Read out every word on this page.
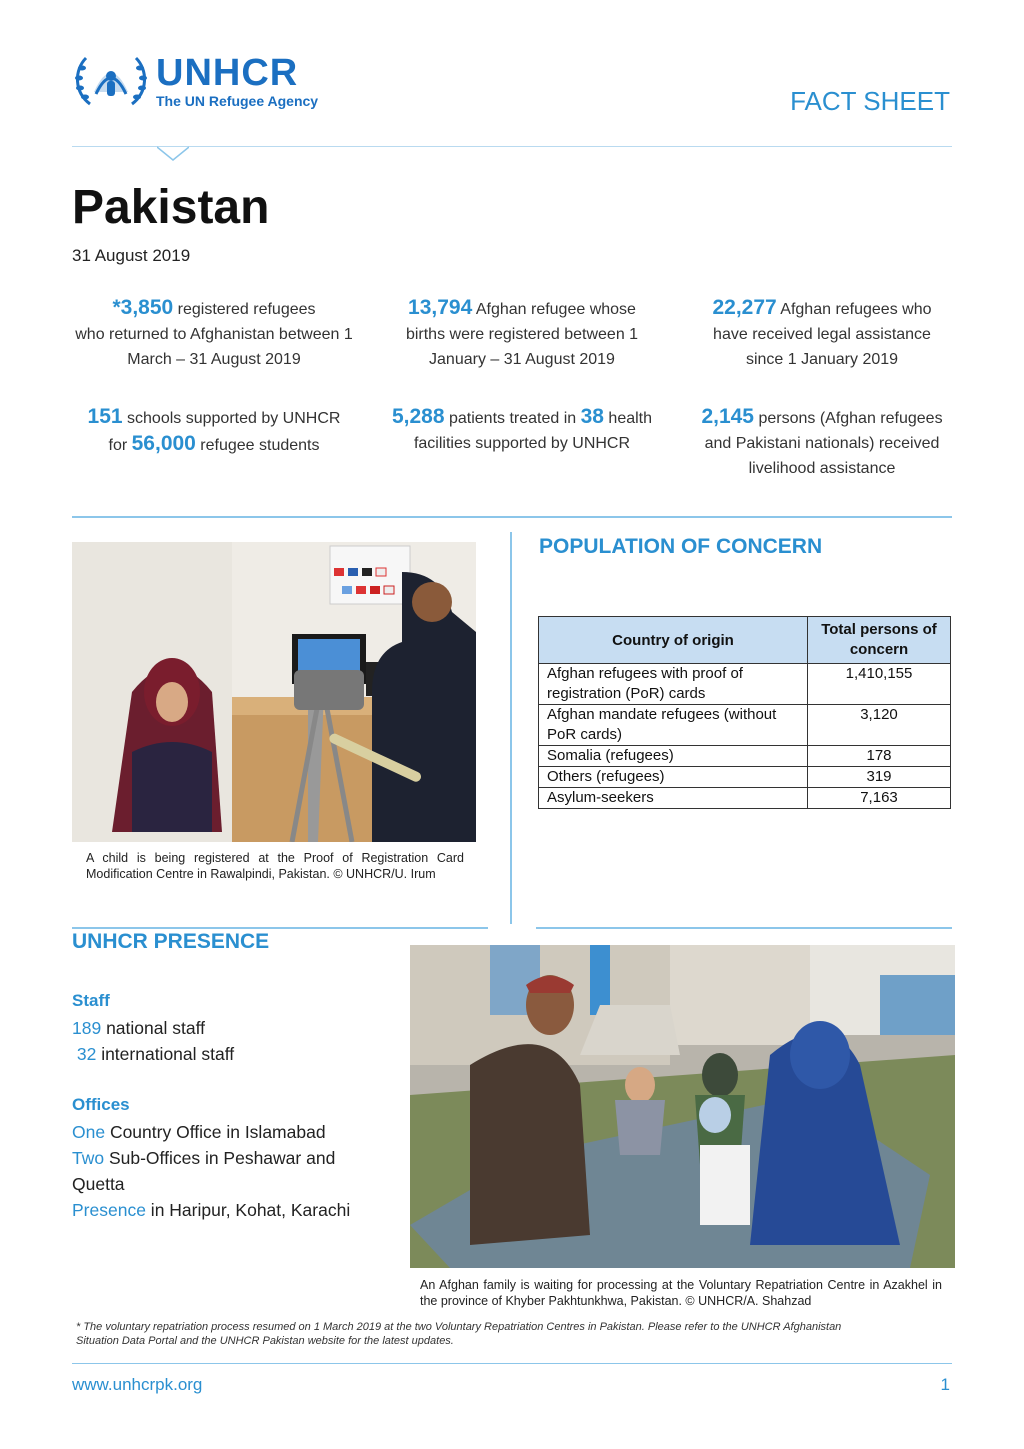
UNHCR
The UN Refugee Agency	FACT SHEET
Pakistan
31 August 2019
*3,850 registered refugees
who returned to Afghanistan between 1 March – 31 August 2019
13,794 Afghan refugee whose
births were registered between 1 January – 31 August 2019
22,277 Afghan refugees who
have received legal assistance since 1 January 2019
151 schools supported by UNHCR
for 56,000 refugee students
5,288 patients treated in 38 health
facilities supported by UNHCR
2,145 persons (Afghan refugees
and Pakistani nationals) received
livelihood assistance
A child is being registered at the Proof of Registration Card Modification Centre in Rawalpindi, Pakistan. © UNHCR/U. Irum
POPULATION OF CONCERN
Country of origin	Total persons of concern
Afghan refugees with proof of registration (PoR) cards	1,410,155
Afghan mandate refugees (without PoR cards)	3,120
Somalia (refugees)	178
Others (refugees)	319
Asylum-seekers	7,163
UNHCR PRESENCE
Staff
189 national staff
32 international staff
Offices
One Country Office in Islamabad
Two Sub-Offices in Peshawar and
Quetta
Presence in Haripur, Kohat, Karachi
An Afghan family is waiting for processing at the Voluntary Repatriation Centre in Azakhel in the province of Khyber Pakhtunkhwa, Pakistan. © UNHCR/A. Shahzad
* The voluntary repatriation process resumed on 1 March 2019 at the two Voluntary Repatriation Centres in Pakistan. Please refer to the UNHCR Afghanistan Situation Data Portal and the UNHCR Pakistan website for the latest updates.
www.unhcrpk.org	1
